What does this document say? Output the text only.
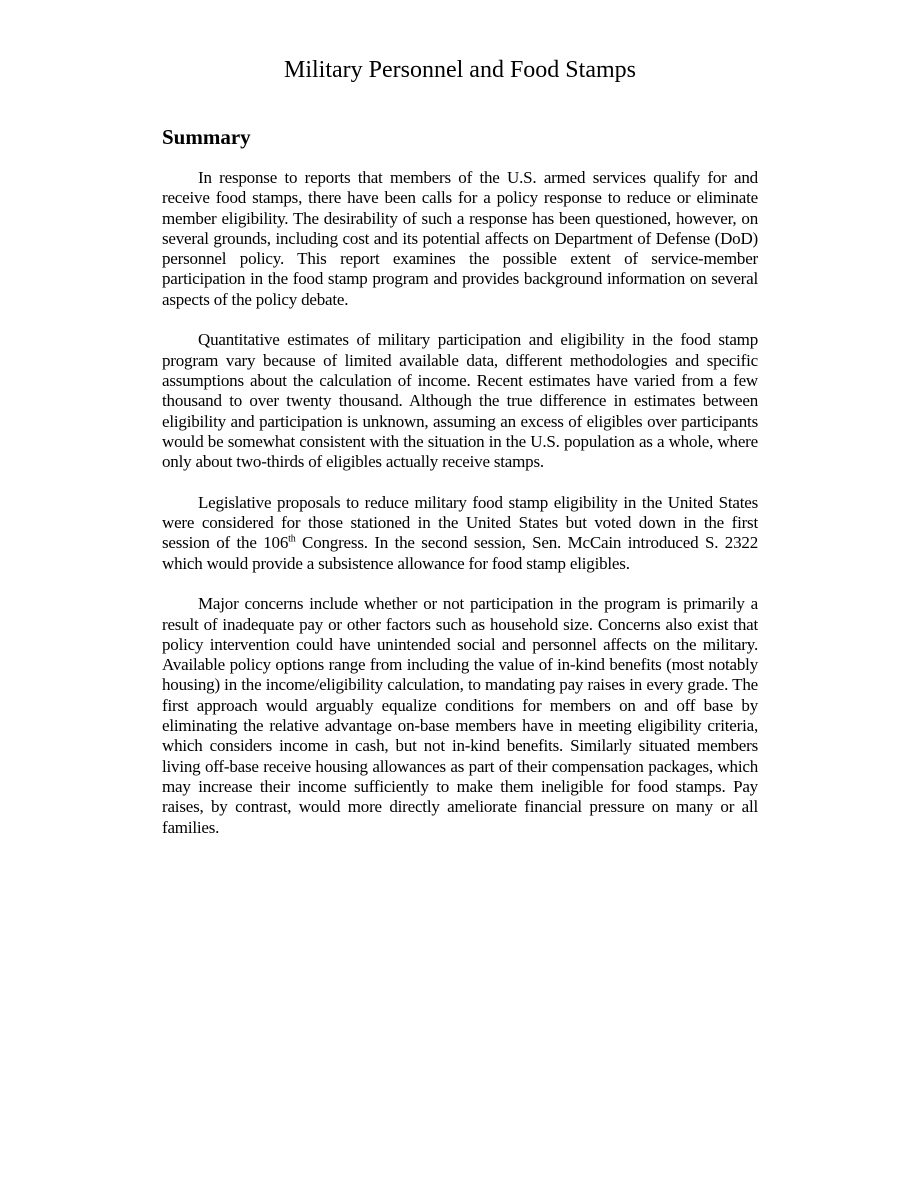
Military Personnel and Food Stamps
Summary

In response to reports that members of the U.S. armed services qualify for and receive food stamps, there have been calls for a policy response to reduce or eliminate member eligibility. The desirability of such a response has been questioned, however, on several grounds, including cost and its potential affects on Department of Defense (DoD) personnel policy. This report examines the possible extent of service-member participation in the food stamp program and provides background information on several aspects of the policy debate.

Quantitative estimates of military participation and eligibility in the food stamp program vary because of limited available data, different methodologies and specific assumptions about the calculation of income. Recent estimates have varied from a few thousand to over twenty thousand. Although the true difference in estimates between eligibility and participation is unknown, assuming an excess of eligibles over participants would be somewhat consistent with the situation in the U.S. population as a whole, where only about two-thirds of eligibles actually receive stamps.

Legislative proposals to reduce military food stamp eligibility in the United States were considered for those stationed in the United States but voted down in the first session of the 106th Congress. In the second session, Sen. McCain introduced S. 2322 which would provide a subsistence allowance for food stamp eligibles.

Major concerns include whether or not participation in the program is primarily a result of inadequate pay or other factors such as household size. Concerns also exist that policy intervention could have unintended social and personnel affects on the military. Available policy options range from including the value of in-kind benefits (most notably housing) in the income/eligibility calculation, to mandating pay raises in every grade. The first approach would arguably equalize conditions for members on and off base by eliminating the relative advantage on-base members have in meeting eligibility criteria, which considers income in cash, but not in-kind benefits. Similarly situated members living off-base receive housing allowances as part of their compensation packages, which may increase their income sufficiently to make them ineligible for food stamps. Pay raises, by contrast, would more directly ameliorate financial pressure on many or all families.
